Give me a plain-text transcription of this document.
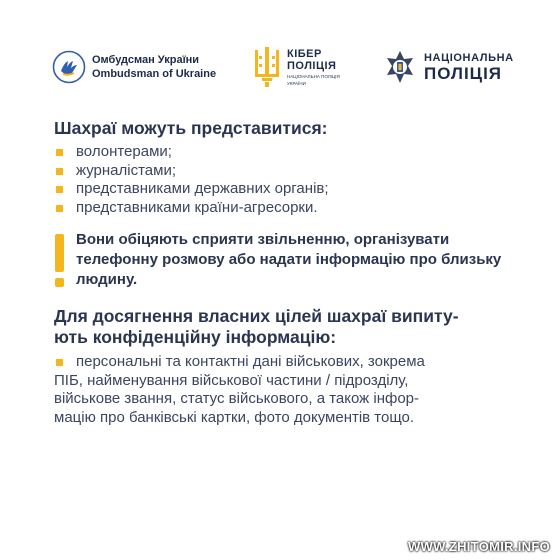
Омбудсман України
Ombudsman of Ukraine
КІБЕР
ПОЛІЦІЯ
НАЦІОНАЛЬНА ПОЛІЦІЯ
УКРАЇНИ
НАЦІОНАЛЬНА
ПОЛІЦІЯ
Шахраї можуть представитися:
волонтерами;
журналістами;
представниками державних органів;
представниками країни-агресорки.
Вони обіцяють сприяти звільненню, організувати телефонну розмову або надати інформацію про близьку людину.
Для досягнення власних цілей шахраї випиту-
ють конфіденційну інформацію:
персональні та контактні дані військових, зокрема
ПІБ, найменування військової частини / підрозділу,
військове звання, статус військового, а також інфор-
мацію про банківські картки, фото документів тощо.
WWW.ZHITOMIR.INFO
